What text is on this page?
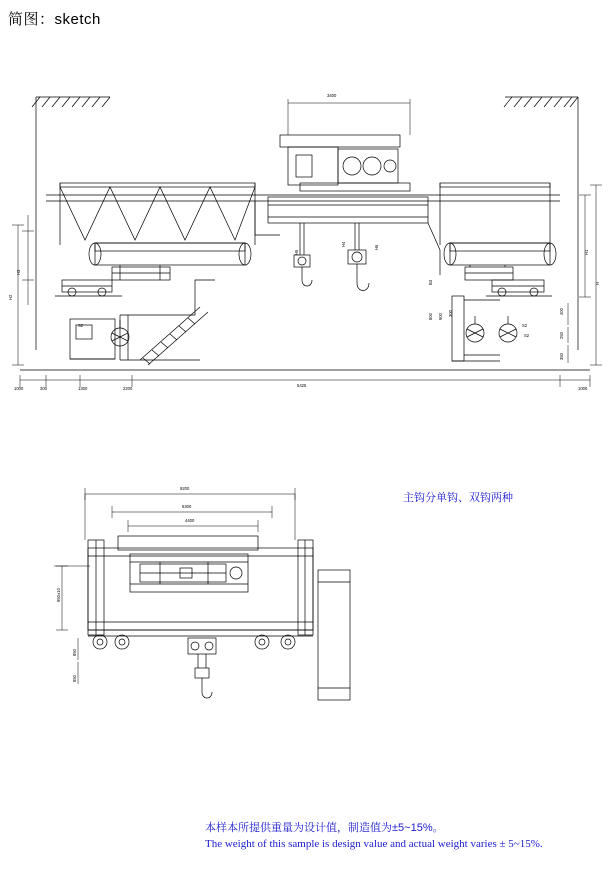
简图：sketch
3400
H3
H2
H1
H
400
250
350
H4
H5
H6
B3
800 900 300
S2	S2
S2
1000	300	1300	2200
5425
1000
主钩分单钩、双钩两种
9200
6300
4400
950±10
850
850
本样本所提供重量为设计值，制造值为±5~15%。
The weight of this sample is design value and actual weight varies ± 5~15%.
